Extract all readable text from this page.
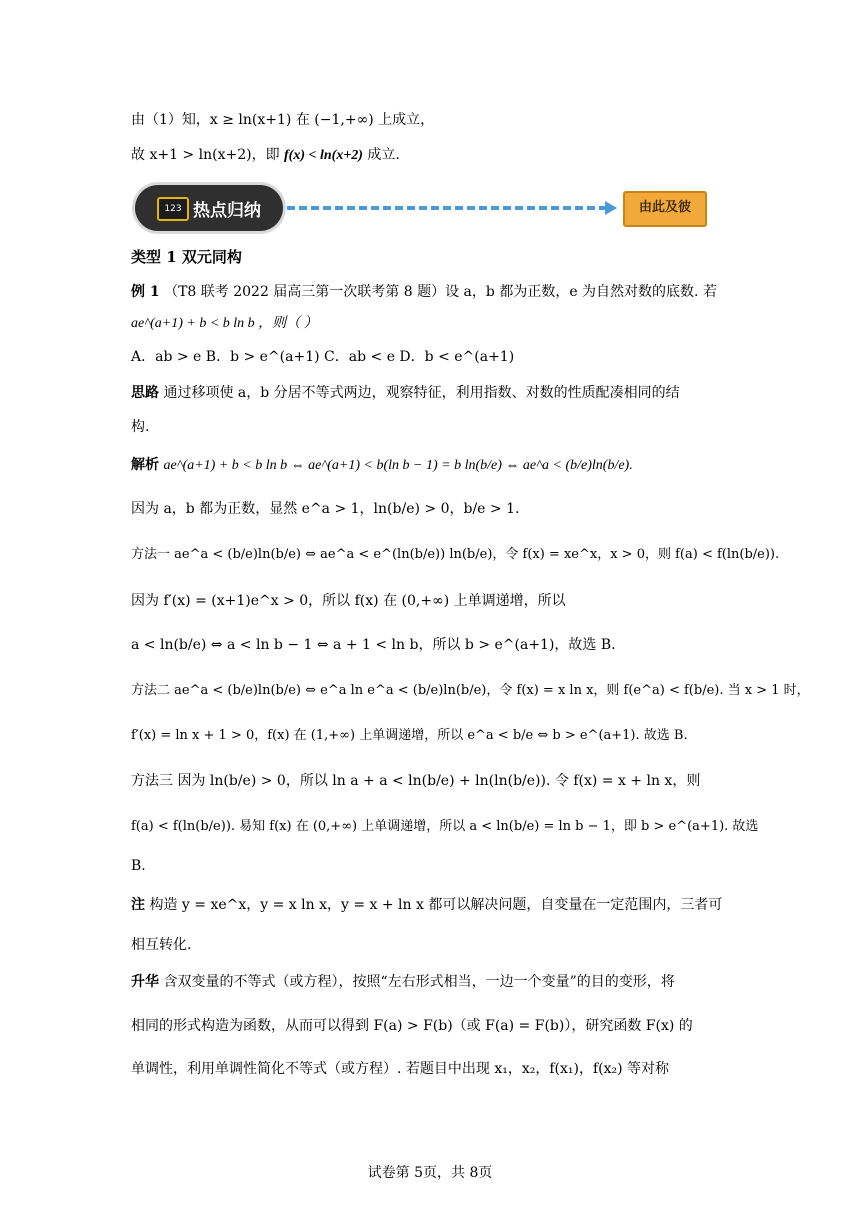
由（1）知，x ≥ ln(x+1) 在 (−1,+∞) 上成立，
故 x+1 > ln(x+2)，即 f(x) < ln(x+2) 成立.
123 热点归纳	由此及彼
类型 1 双元同构
例 1 （T8 联考 2022 届高三第一次联考第 8 题）设 a，b 都为正数，e 为自然对数的底数. 若
ae^(a+1) + b < b ln b ，则（ ）
A．ab > e B．b > e^(a+1) C．ab < e D．b < e^(a+1)
思路 通过移项使 a，b 分居不等式两边，观察特征，利用指数、对数的性质配凑相同的结
构.
解析 ae^(a+1) + b < b ln b ⇔ ae^(a+1) < b(ln b − 1) = b ln(b/e) ⇔ ae^a < (b/e)ln(b/e).
因为 a，b 都为正数，显然 e^a > 1，ln(b/e) > 0，b/e > 1.
方法一 ae^a < (b/e)ln(b/e) ⇔ ae^a < e^(ln(b/e)) ln(b/e)，令 f(x) = xe^x，x > 0，则 f(a) < f(ln(b/e)).
因为 f′(x) = (x+1)e^x > 0，所以 f(x) 在 (0,+∞) 上单调递增，所以
a < ln(b/e) ⇔ a < ln b − 1 ⇔ a + 1 < ln b，所以 b > e^(a+1)，故选 B.
方法二 ae^a < (b/e)ln(b/e) ⇔ e^a ln e^a < (b/e)ln(b/e)，令 f(x) = x ln x，则 f(e^a) < f(b/e). 当 x > 1 时，
f′(x) = ln x + 1 > 0，f(x) 在 (1,+∞) 上单调递增，所以 e^a < b/e ⇔ b > e^(a+1). 故选 B.
方法三 因为 ln(b/e) > 0，所以 ln a + a < ln(b/e) + ln(ln(b/e)). 令 f(x) = x + ln x，则
f(a) < f(ln(b/e)). 易知 f(x) 在 (0,+∞) 上单调递增，所以 a < ln(b/e) = ln b − 1，即 b > e^(a+1). 故选
B.
注 构造 y = xe^x，y = x ln x，y = x + ln x 都可以解决问题，自变量在一定范围内，三者可
相互转化.
升华 含双变量的不等式（或方程），按照“左右形式相当，一边一个变量”的目的变形，将
相同的形式构造为函数，从而可以得到 F(a) > F(b)（或 F(a) = F(b)），研究函数 F(x) 的
单调性，利用单调性简化不等式（或方程）. 若题目中出现 x₁，x₂，f(x₁)，f(x₂) 等对称
试卷第 5页，共 8页
